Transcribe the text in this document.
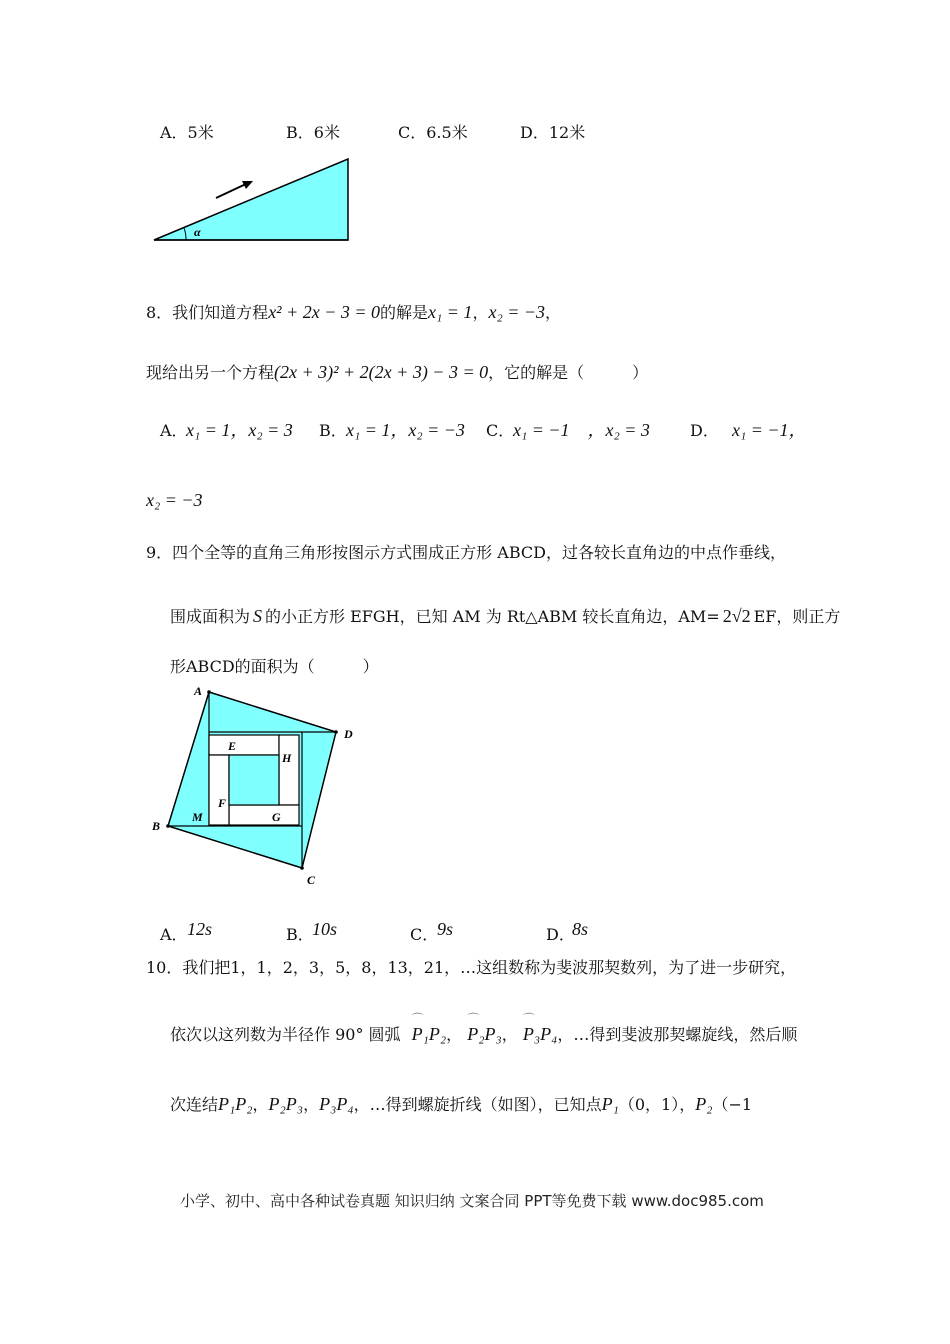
A．5米	B．6米	C．6.5米	D．12米
α
8．我们知道方程x² + 2x − 3 = 0的解是x₁ = 1，x₂ = −3，
现给出另一个方程(2x + 3)² + 2(2x + 3) − 3 = 0，它的解是（　　　）
A．
x₁ = 1，x₂ = 3 B． x₁ = 1，x₂ = −3 C．
x₁ = −1　，x₂ = 3	D． x₁ = −1，
x₂ = −3
9．四个全等的直角三角形按图示方式围成正方形 ABCD，过各较长直角边的中点作垂线，
围成面积为 S 的小正方形 EFGH，已知 AM 为 Rt△ABM 较长直角边，AM= 2√2 EF，则正方
形ABCD的面积为（　　　）
A
D
C
B
E
F
G
H
M
A． 12s	B．
10s	C．
9s	D．
8s
10．我们把1，1，2，3，5，8，13，21，…这组数称为斐波那契数列，为了进一步研究，
依次以这列数为半径作 90° 圆弧
⌒
P₁P₂，
⌒
P₂P₃，
⌒
P₃P₄，…得到斐波那契螺旋线，然后顺
次连结P₁P₂，P₂P₃，P₃P₄，…得到螺旋折线（如图），已知点P₁（0，1），P₂（−1
小学、初中、高中各种试卷真题 知识归纳 文案合同 PPT等免费下载 www.doc985.com
